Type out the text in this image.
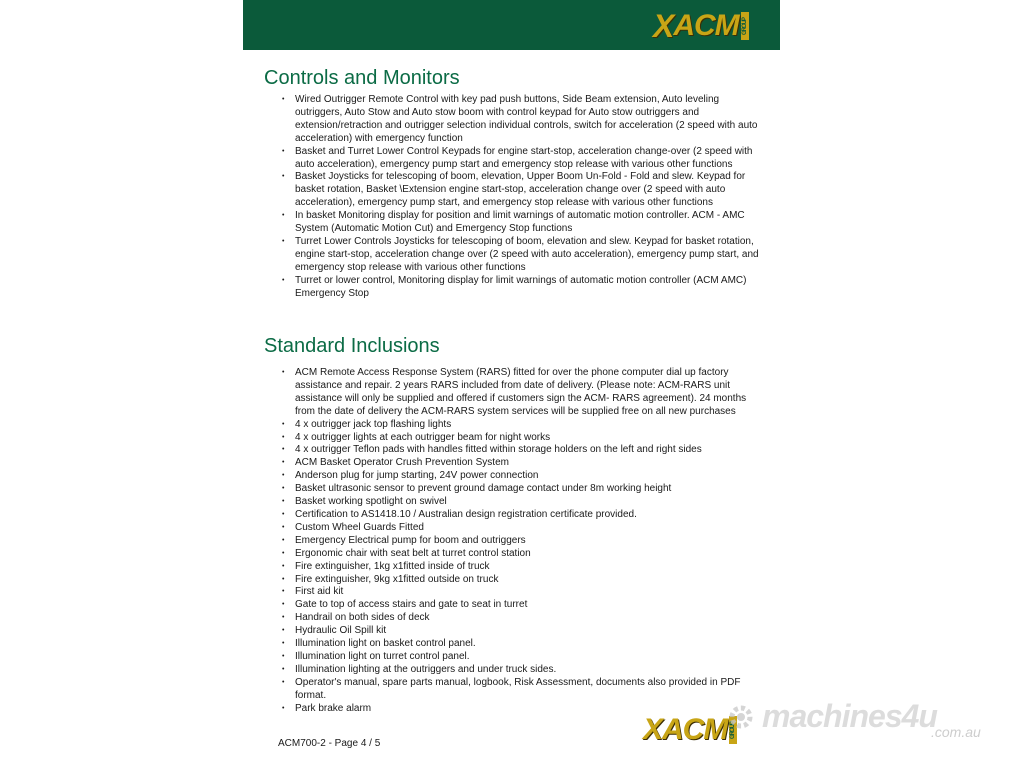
X ACM GROUP
Controls and Monitors
• Wired Outrigger Remote Control with key pad push buttons, Side Beam extension, Auto leveling outriggers, Auto Stow and Auto stow boom with control keypad for Auto stow outriggers and extension/retraction and outrigger selection individual controls, switch for acceleration (2 speed with auto acceleration) with emergency function
• Basket and Turret Lower Control Keypads for engine start-stop, acceleration change-over (2 speed with auto acceleration), emergency pump start and emergency stop release with various other functions
• Basket Joysticks for telescoping of boom, elevation, Upper Boom Un-Fold - Fold and slew. Keypad for basket rotation, Basket \Extension engine start-stop, acceleration change over (2 speed with auto acceleration), emergency pump start, and emergency stop release with various other functions
• In basket Monitoring display for position and limit warnings of automatic motion controller. ACM - AMC System (Automatic Motion Cut) and Emergency Stop functions
• Turret Lower Controls Joysticks for telescoping of boom, elevation and slew. Keypad for basket rotation, engine start-stop, acceleration change over (2 speed with auto acceleration), emergency pump start, and emergency stop release with various other functions
• Turret or lower control, Monitoring display for limit warnings of automatic motion controller (ACM AMC) Emergency Stop
Standard Inclusions
• ACM Remote Access Response System (RARS) fitted for over the phone computer dial up factory assistance and repair. 2 years RARS included from date of delivery. (Please note: ACM-RARS unit assistance will only be supplied and offered if customers sign the ACM- RARS agreement). 24 months from the date of delivery the ACM-RARS system services will be supplied free on all new purchases
• 4 x outrigger jack top flashing lights
• 4 x outrigger lights at each outrigger beam for night works
• 4 x outrigger Teflon pads with handles fitted within storage holders on the left and right sides
• ACM Basket Operator Crush Prevention System
• Anderson plug for jump starting, 24V power connection
• Basket ultrasonic sensor to prevent ground damage contact under 8m working height
• Basket working spotlight on swivel
• Certification to AS1418.10 / Australian design registration certificate provided.
• Custom Wheel Guards Fitted
• Emergency Electrical pump for boom and outriggers
• Ergonomic chair with seat belt at turret control station
• Fire extinguisher, 1kg x1fitted inside of truck
• Fire extinguisher, 9kg x1fitted outside on truck
• First aid kit
• Gate to top of access stairs and gate to seat in turret
• Handrail on both sides of deck
• Hydraulic Oil Spill kit
• Illumination light on basket control panel.
• Illumination light on turret control panel.
• Illumination lighting at the outriggers and under truck sides.
• Operator's manual, spare parts manual, logbook, Risk Assessment, documents also provided in PDF format.
• Park brake alarm
ACM700-2 - Page 4 / 5	X ACM GROUP machines4u
.com.au
